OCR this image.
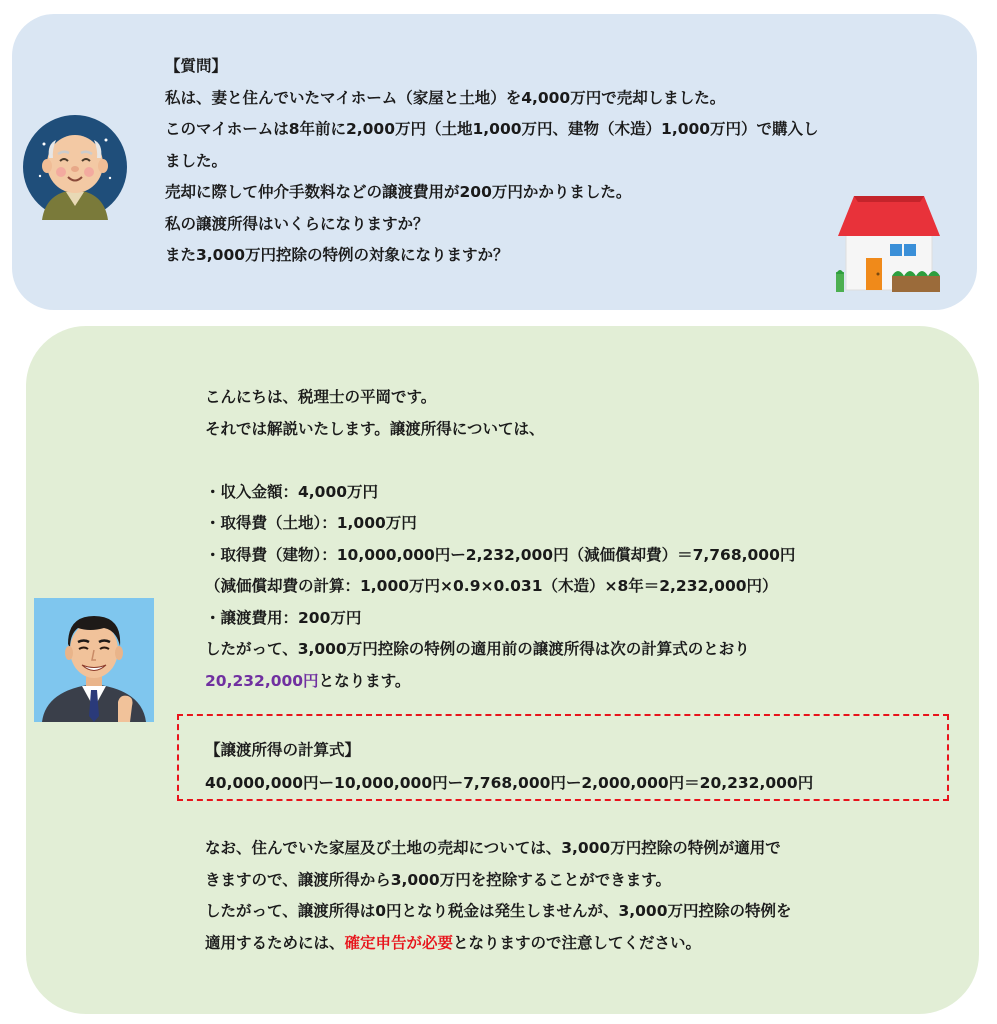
【質問】
私は、妻と住んでいたマイホーム（家屋と土地）を4,000万円で売却しました。
このマイホームは8年前に2,000万円（土地1,000万円、建物（木造）1,000万円）で購入し
ました。
売却に際して仲介手数料などの譲渡費用が200万円かかりました。
私の譲渡所得はいくらになりますか？
また3,000万円控除の特例の対象になりますか？
こんにちは、税理士の平岡です。
それでは解説いたします。譲渡所得については、
・収入金額：4,000万円
・取得費（土地）：1,000万円
・取得費（建物）：10,000,000円ー2,232,000円（減価償却費）＝7,768,000円
（減価償却費の計算：1,000万円×0.9×0.031（木造）×8年＝2,232,000円）
・譲渡費用：200万円
したがって、3,000万円控除の特例の適用前の譲渡所得は次の計算式のとおり
20,232,000円となります。
【譲渡所得の計算式】
40,000,000円ー10,000,000円ー7,768,000円ー2,000,000円＝20,232,000円
なお、住んでいた家屋及び土地の売却については、3,000万円控除の特例が適用で
きますので、譲渡所得から3,000万円を控除することができます。
したがって、譲渡所得は0円となり税金は発生しませんが、3,000万円控除の特例を
適用するためには、確定申告が必要となりますので注意してください。
